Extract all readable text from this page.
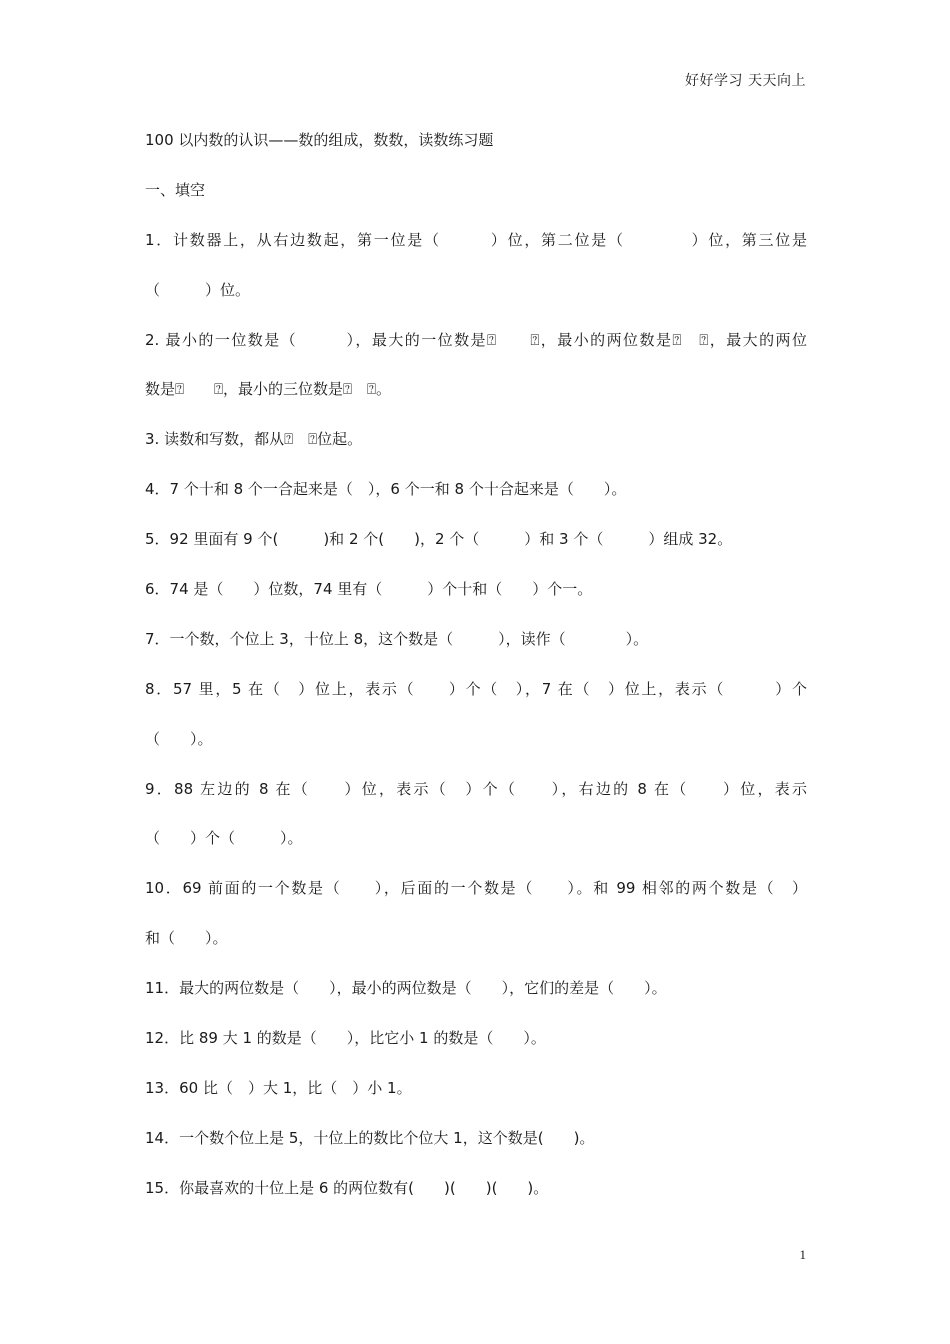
好好学习 天天向上
100 以内数的认识——数的组成，数数，读数练习题
一、填空
1．计数器上，从右边数起，第一位是（　　　）位，第二位是（　　　　）位，第三位是
（　　　）位。
2. 最小的一位数是（　　　），最大的一位数是⍰　　⍰，最小的两位数是⍰　⍰，最大的两位
数是⍰　　⍰，最小的三位数是⍰　⍰。
3. 读数和写数，都从⍰　⍰位起。
4．7 个十和 8 个一合起来是（　），6 个一和 8 个十合起来是（　　）。
5．92 里面有 9 个(　　　)和 2 个(　　)，2 个（　　　）和 3 个（　　　）组成 32。
6．74 是（　　）位数，74 里有（　　　）个十和（　　）个一。
7．一个数，个位上 3，十位上 8，这个数是（　　　），读作（　　　　）。
8．57 里，5 在（　）位上，表示（　　）个（　），7 在（　）位上，表示（　　　）个
（　　）。
9．88 左边的 8 在（　　）位，表示（　）个（　　），右边的 8 在（　　）位，表示
（　　）个（　　　）。
10．69 前面的一个数是（　　），后面的一个数是（　　）。和 99 相邻的两个数是（　）
和（　　）。
11．最大的两位数是（　　），最小的两位数是（　　），它们的差是（　　）。
12．比 89 大 1 的数是（　　），比它小 1 的数是（　　）。
13．60 比（　）大 1，比（　）小 1。
14．一个数个位上是 5，十位上的数比个位大 1，这个数是(　　)。
15．你最喜欢的十位上是 6 的两位数有(　　)(　　)(　　)。
1
